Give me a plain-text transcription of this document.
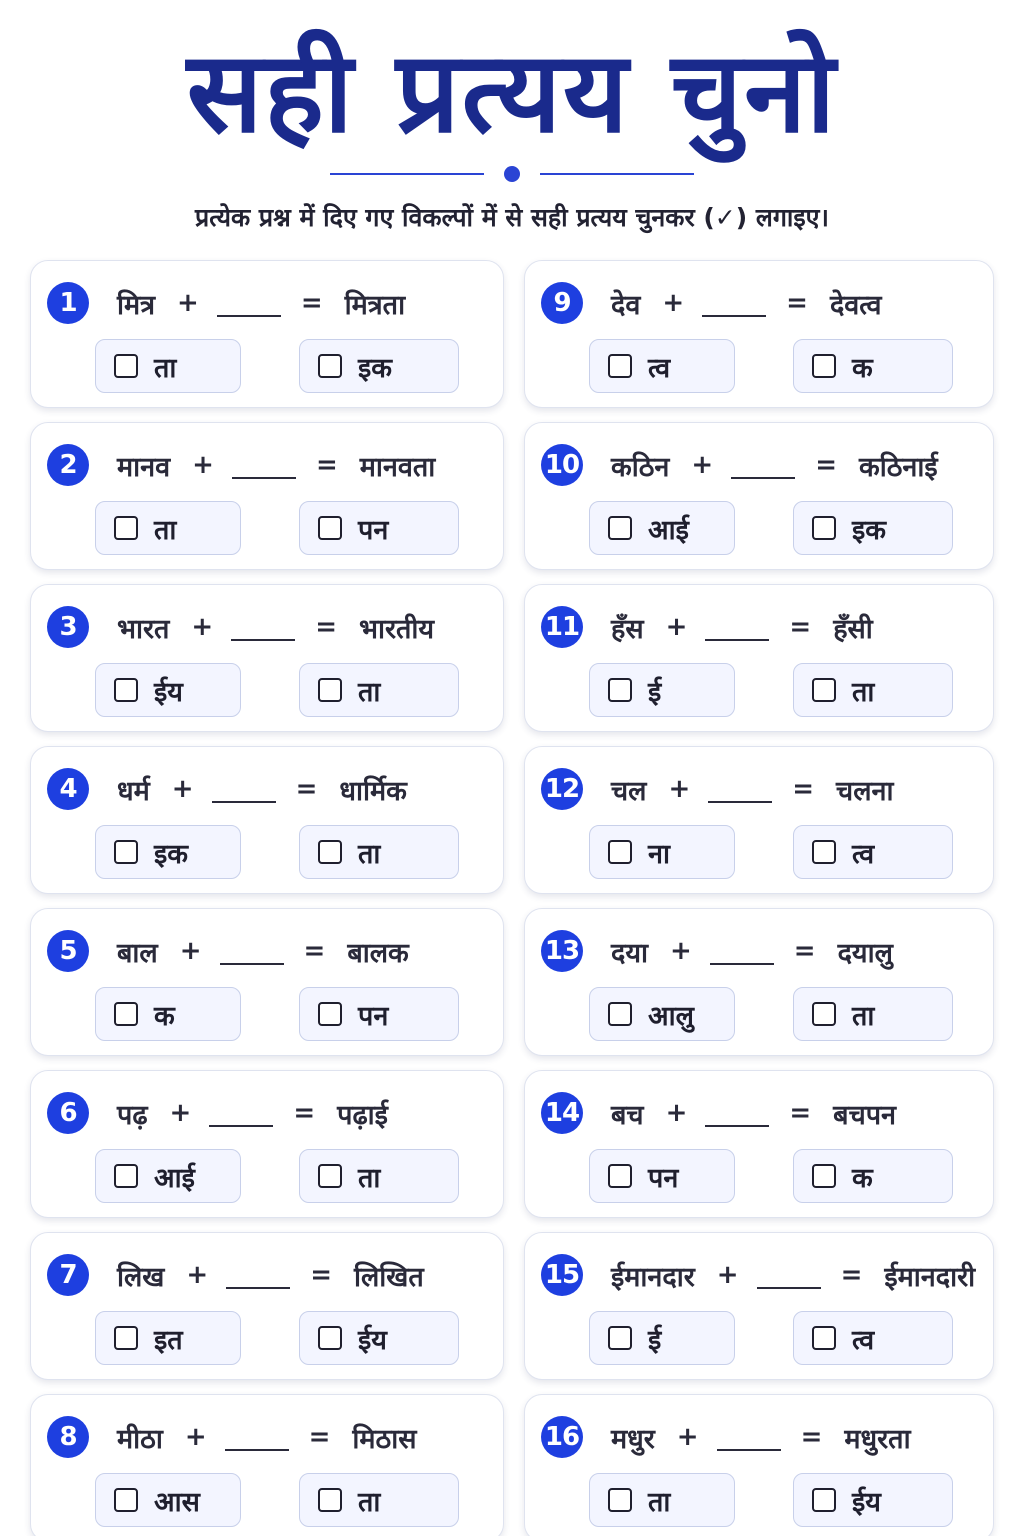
सही प्रत्यय चुनो
प्रत्येक प्रश्न में दिए गए विकल्पों में से सही प्रत्यय चुनकर (✓) लगाइए।
1	मित्र +	= मित्रता
ता	इक
2	मानव +	= मानवता
ता	पन
3	भारत +	= भारतीय
ईय	ता
4	धर्म +	= धार्मिक
इक	ता
5	बाल +	= बालक
क	पन
6	पढ़ +	= पढ़ाई
आई	ता
7	लिख +	= लिखित
इत	ईय
8	मीठा +	= मिठास
आस	ता
9	देव +	= देवत्व
त्व	क
10 कठिन +	= कठिनाई
आई	इक
11 हँस +	= हँसी
ई	ता
12 चल +	= चलना
ना	त्व
13 दया +	= दयालु
आलु	ता
14 बच +	= बचपन
पन	क
15 ईमानदार +	= ईमानदारी
ई	त्व
16 मधुर +	= मधुरता
ता	ईय
